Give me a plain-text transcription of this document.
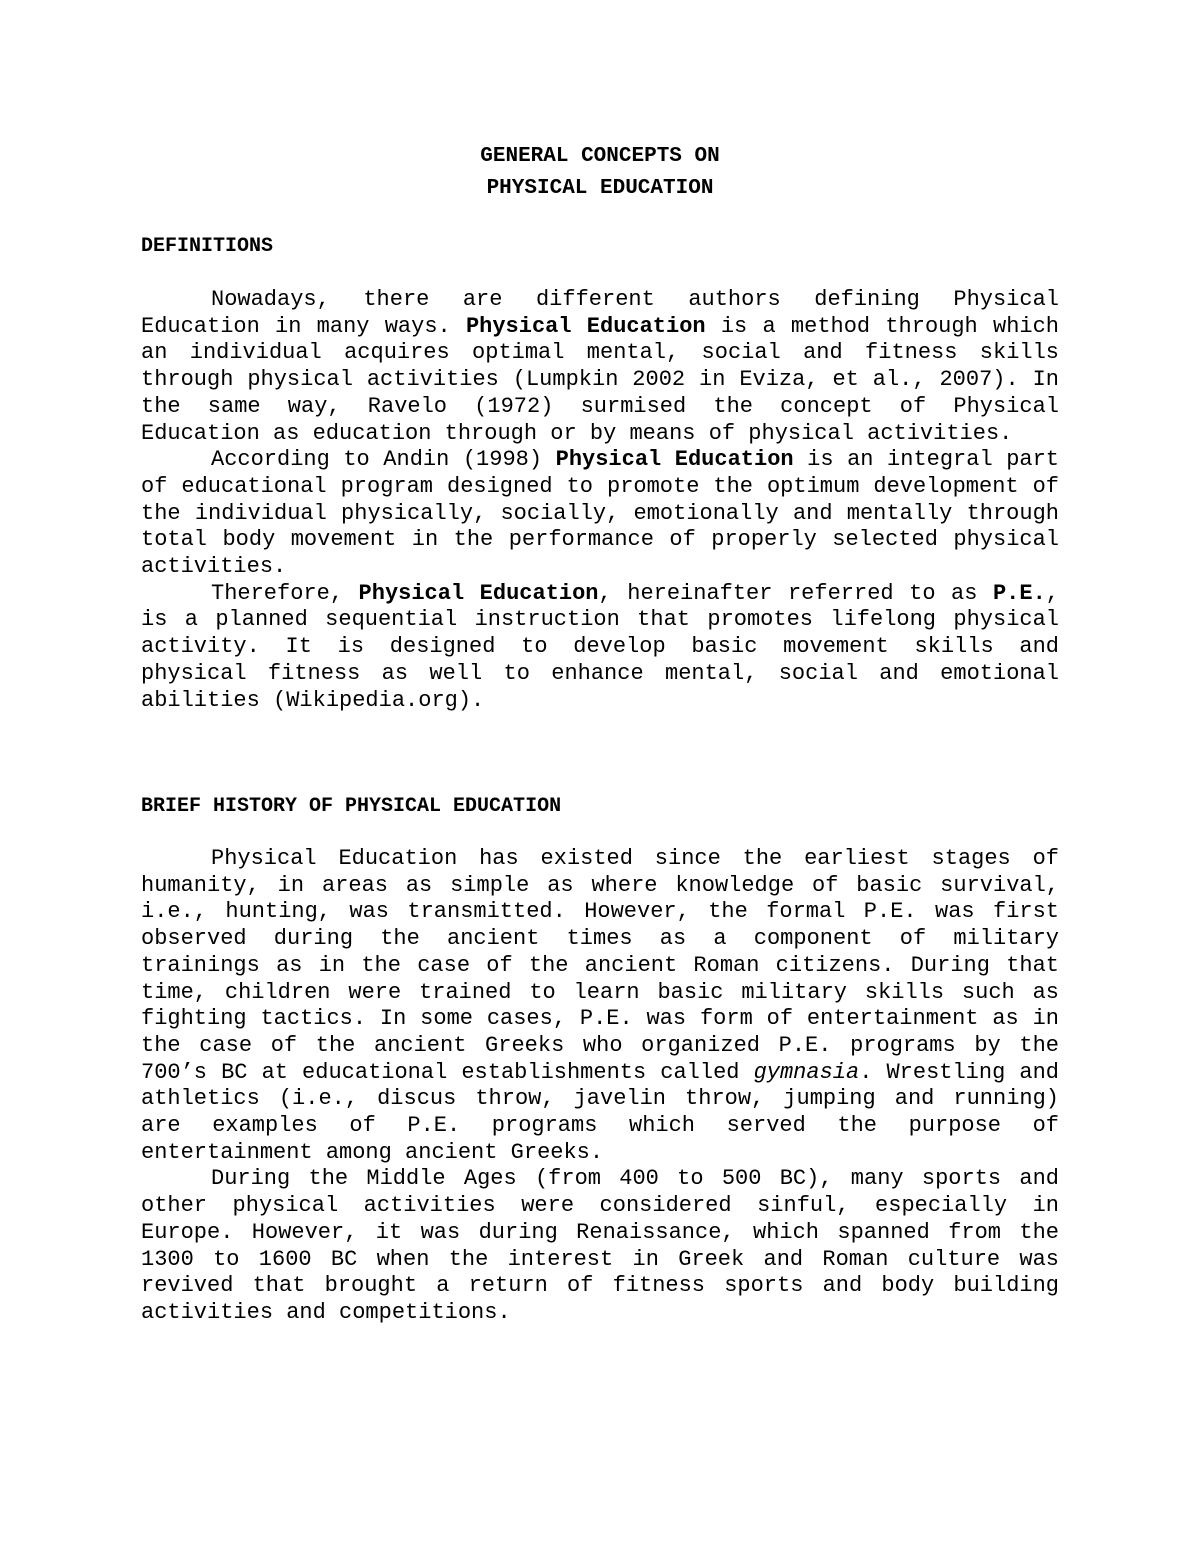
GENERAL CONCEPTS ON
PHYSICAL EDUCATION
DEFINITIONS

Nowadays, there are different authors defining Physical Education in many ways. Physical Education is a method through which an individual acquires optimal mental, social and fitness skills through physical activities (Lumpkin 2002 in Eviza, et al., 2007). In the same way, Ravelo (1972) surmised the concept of Physical Education as education through or by means of physical activities.

According to Andin (1998) Physical Education is an integral part of educational program designed to promote the optimum development of the individual physically, socially, emotionally and mentally through total body movement in the performance of properly selected physical activities.

Therefore, Physical Education, hereinafter referred to as P.E., is a planned sequential instruction that promotes lifelong physical activity. It is designed to develop basic movement skills and physical fitness as well to enhance mental, social and emotional abilities (Wikipedia.org).

BRIEF HISTORY OF PHYSICAL EDUCATION

Physical Education has existed since the earliest stages of humanity, in areas as simple as where knowledge of basic survival, i.e., hunting, was transmitted. However, the formal P.E. was first observed during the ancient times as a component of military trainings as in the case of the ancient Roman citizens. During that time, children were trained to learn basic military skills such as fighting tactics. In some cases, P.E. was form of entertainment as in the case of the ancient Greeks who organized P.E. programs by the 700’s BC at educational establishments called gymnasia. Wrestling and athletics (i.e., discus throw, javelin throw, jumping and running) are examples of P.E. programs which served the purpose of entertainment among ancient Greeks.

During the Middle Ages (from 400 to 500 BC), many sports and other physical activities were considered sinful, especially in Europe. However, it was during Renaissance, which spanned from the 1300 to 1600 BC when the interest in Greek and Roman culture was revived that brought a return of fitness sports and body building activities and competitions.
